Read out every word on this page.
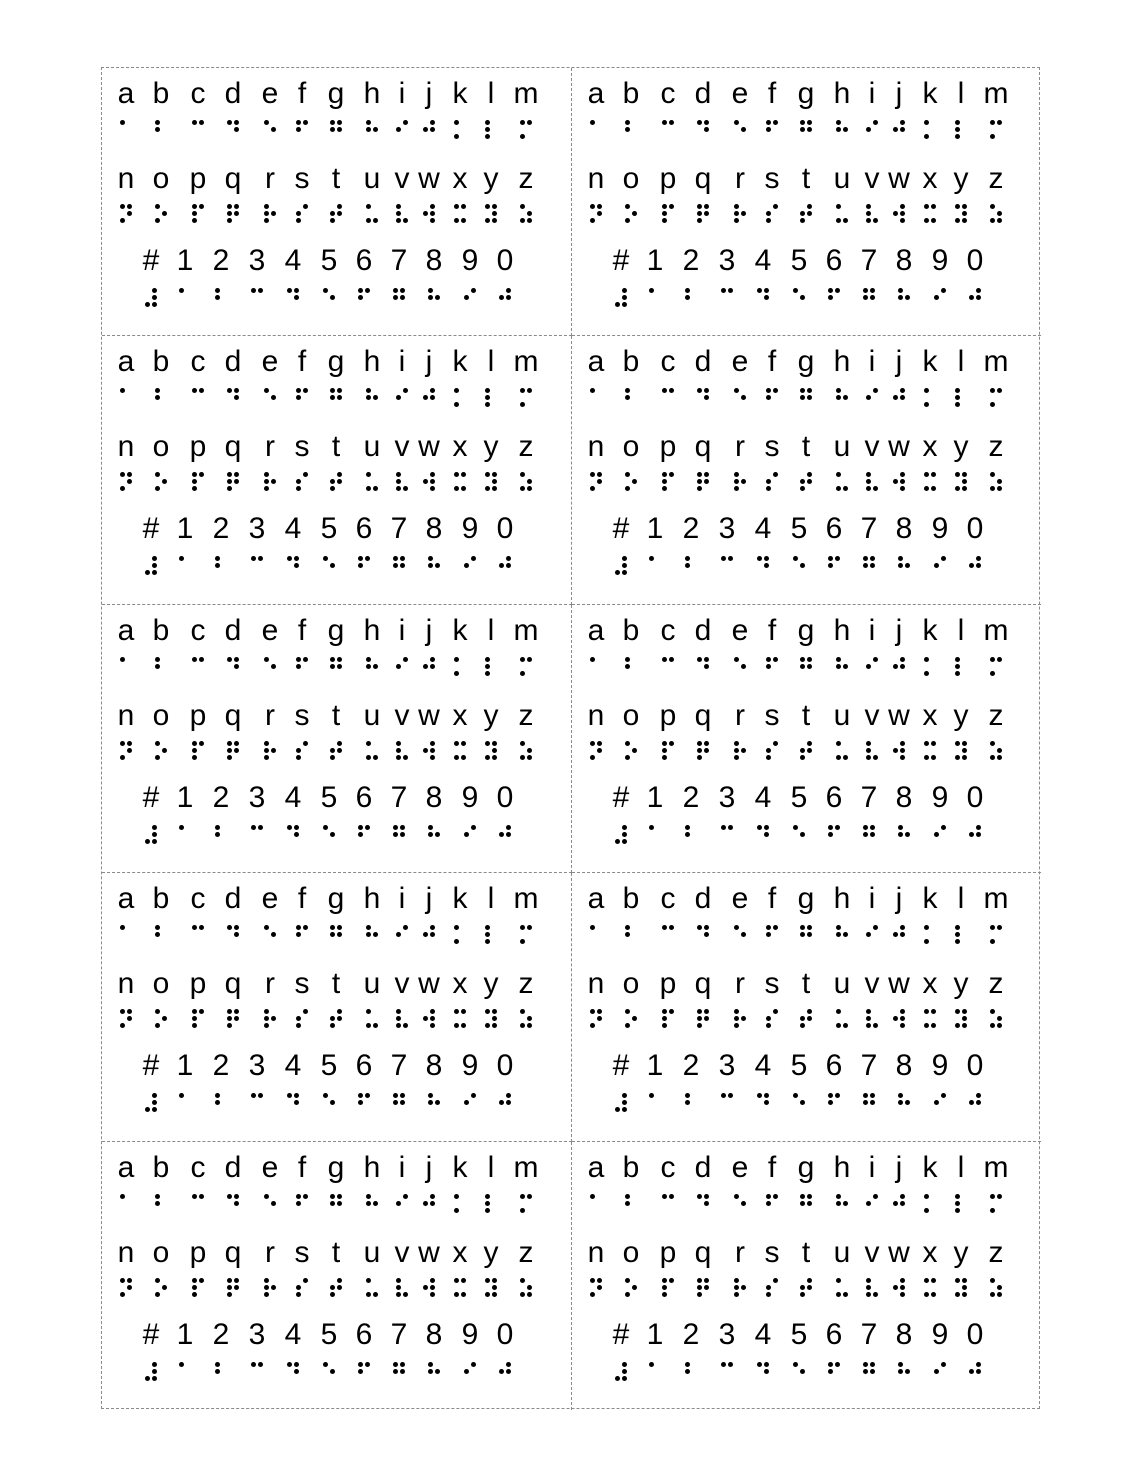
a b c d e f g h i j k l m
n o p q r s t u v w x y z
# 1 2 3 4 5 6 7 8 9 0
a b c d e f g h i j k l m
n o p q r s t u v w x y z
# 1 2 3 4 5 6 7 8 9 0
a b c d e f g h i j k l m
n o p q r s t u v w x y z
# 1 2 3 4 5 6 7 8 9 0
a b c d e f g h i j k l m
n o p q r s t u v w x y z
# 1 2 3 4 5 6 7 8 9 0
a b c d e f g h i j k l m
n o p q r s t u v w x y z
# 1 2 3 4 5 6 7 8 9 0
a b c d e f g h i j k l m
n o p q r s t u v w x y z
# 1 2 3 4 5 6 7 8 9 0
a b c d e f g h i j k l m
n o p q r s t u v w x y z
# 1 2 3 4 5 6 7 8 9 0
a b c d e f g h i j k l m
n o p q r s t u v w x y z
# 1 2 3 4 5 6 7 8 9 0
a b c d e f g h i j k l m
n o p q r s t u v w x y z
# 1 2 3 4 5 6 7 8 9 0
a b c d e f g h i j k l m
n o p q r s t u v w x y z
# 1 2 3 4 5 6 7 8 9 0
